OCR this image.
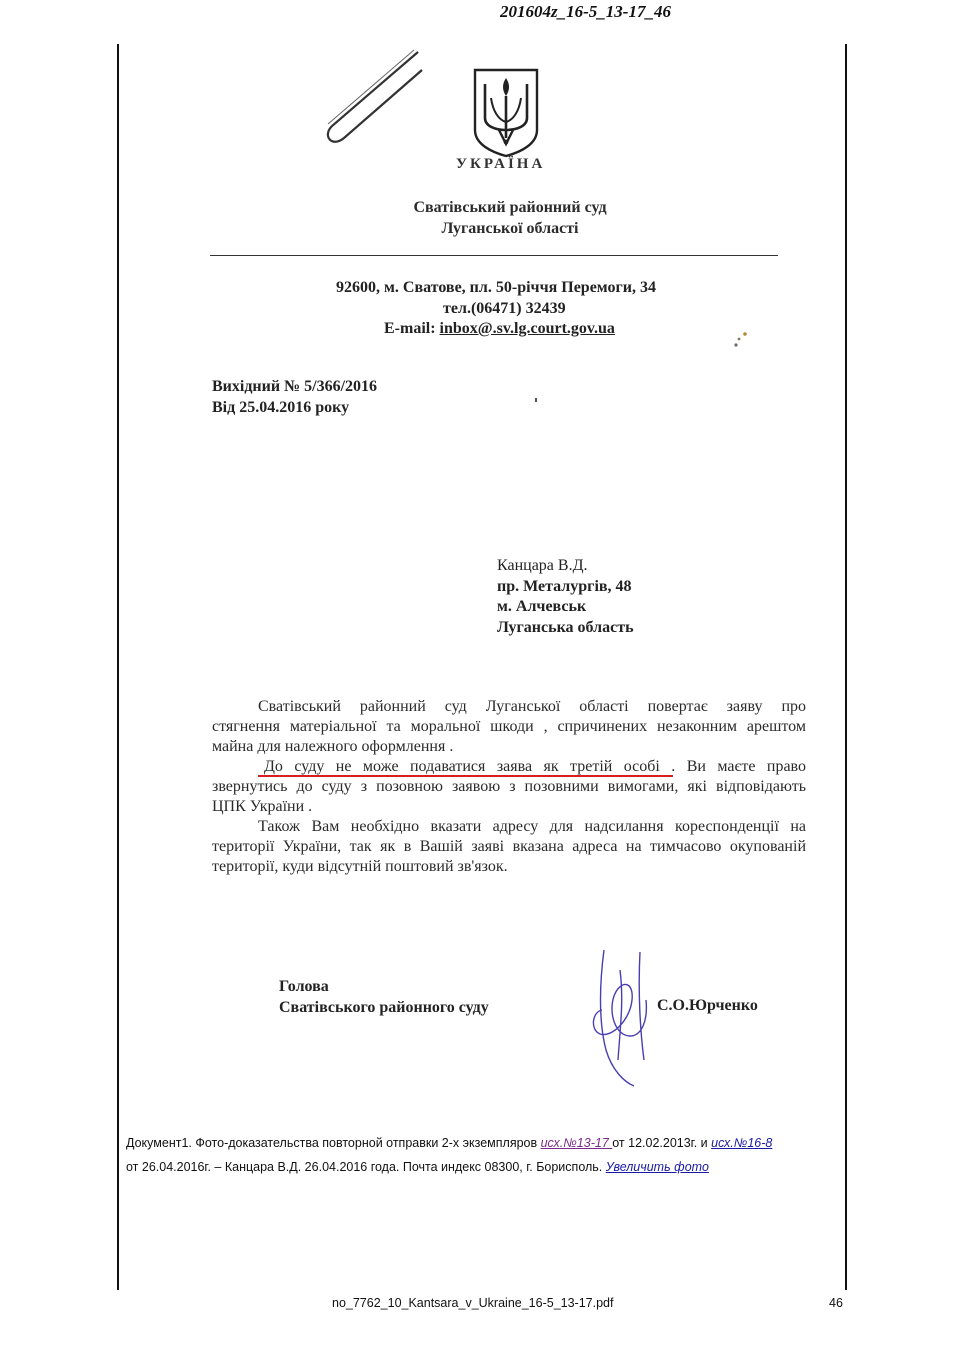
201604z_16-5_13-17_46
УКРАЇНА
Сватівський районний суд
Луганської області
92600, м. Сватове, пл. 50-річчя Перемоги, 34
тел.(06471) 32439
E-mail: inbox@.sv.lg.court.gov.ua
Вихідний № 5/366/2016
Від 25.04.2016 року
Канцара В.Д.
пр. Металургів, 48
м. Алчевськ
Луганська область
Сватівський районний суд Луганської області повертає заяву про
стягнення матеріальної та моральної шкоди , спричинених незаконним арештом
майна для належного оформлення .
До суду не може подаватися заява як третій особі . Ви маєте право
звернутись до суду з позовною заявою з позовними вимогами, які відповідають
ЦПК України .
Також Вам необхідно вказати адресу для надсилання кореспонденції на
території України, так як в Вашій заяві вказана адреса на тимчасово окупованій
території, куди відсутній поштовий зв'язок.
Голова
Сватівського районного суду	С.О.Юрченко
Документ1. Фото-доказательства повторной отправки 2-х экземпляров исх.№13-17 от 12.02.2013г. и исх.№16-8
от 26.04.2016г. – Канцара В.Д. 26.04.2016 года. Почта индекс 08300, г. Борисполь. Увеличить фото
no_7762_10_Kantsara_v_Ukraine_16-5_13-17.pdf	46
